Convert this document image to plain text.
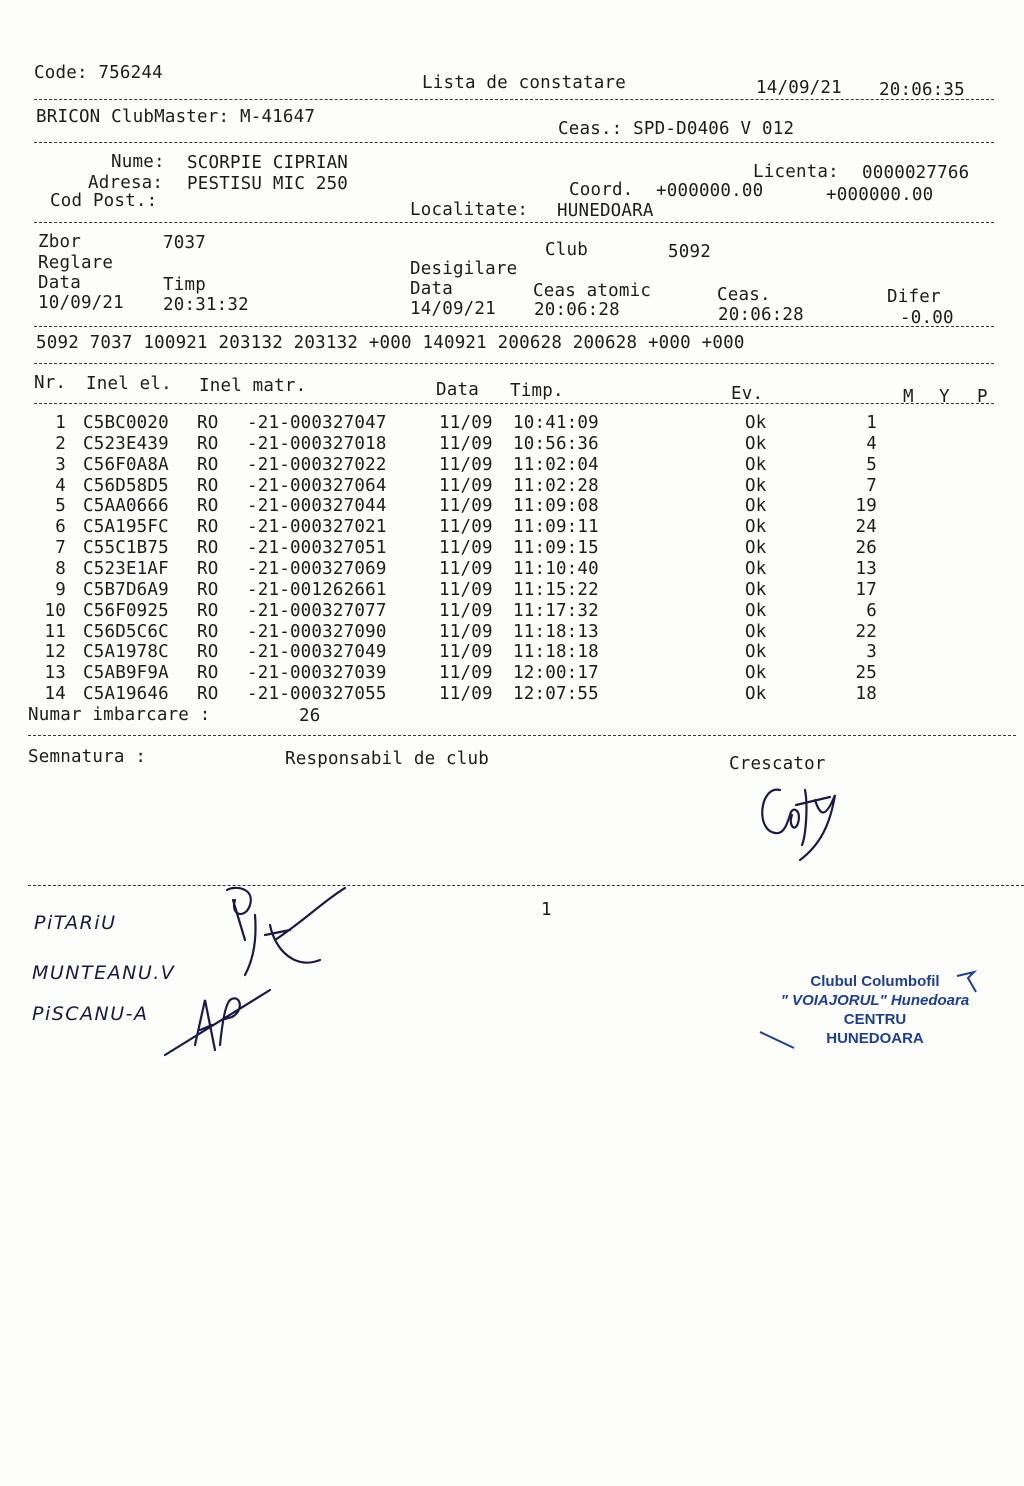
Code: 756244	Lista de constatare	14/09/21 20:06:35
BRICON ClubMaster: M-41647
Ceas.: SPD-D0406 V 012
Nume: SCORPIE CIPRIAN
Adresa: PESTISU MIC 250
Cod Post.:
Licenta: 0000027766
Coord. +000000.00	+000000.00
Localitate: HUNEDOARA
Zbor	7037	Club	5092
Reglare	Desigilare
Data	Timp	Data	Ceas atomic	Ceas.	Difer
10/09/21 20:31:32	14/09/21 20:06:28	20:06:28	-0.00
5092 7037 100921 203132 203132 +000 140921 200628 200628 +000 +000
Nr. Inel el. Inel matr.	Data Timp.	Ev.	M Y P
1 C5BC0020 RO -21-000327047	11/09 10:41:09	Ok	1
2 C523E439 RO -21-000327018	11/09 10:56:36	Ok	4
3 C56F0A8A RO -21-000327022	11/09 11:02:04	Ok	5
4 C56D58D5 RO -21-000327064	11/09 11:02:28	Ok	7
5 C5AA0666 RO -21-000327044	11/09 11:09:08	Ok	19
6 C5A195FC RO -21-000327021	11/09 11:09:11	Ok	24
7 C55C1B75 RO -21-000327051	11/09 11:09:15	Ok	26
8 C523E1AF RO -21-000327069	11/09 11:10:40	Ok	13
9 C5B7D6A9 RO -21-001262661	11/09 11:15:22	Ok	17
10 C56F0925 RO -21-000327077	11/09 11:17:32	Ok	6
11 C56D5C6C RO -21-000327090	11/09 11:18:13	Ok	22
12 C5A1978C RO -21-000327049	11/09 11:18:18	Ok	3
13 C5AB9F9A RO -21-000327039	11/09 12:00:17	Ok	25
14 C5A19646 RO -21-000327055	11/09 12:07:55	Ok	18
Numar imbarcare :	26
Semnatura :	Responsabil de club	Crescator
1
PiTARiU
MUNTEANU.V
PiSCANU-A
Clubul Columbofil
" VOIAJORUL" Hunedoara
CENTRU
HUNEDOARA
